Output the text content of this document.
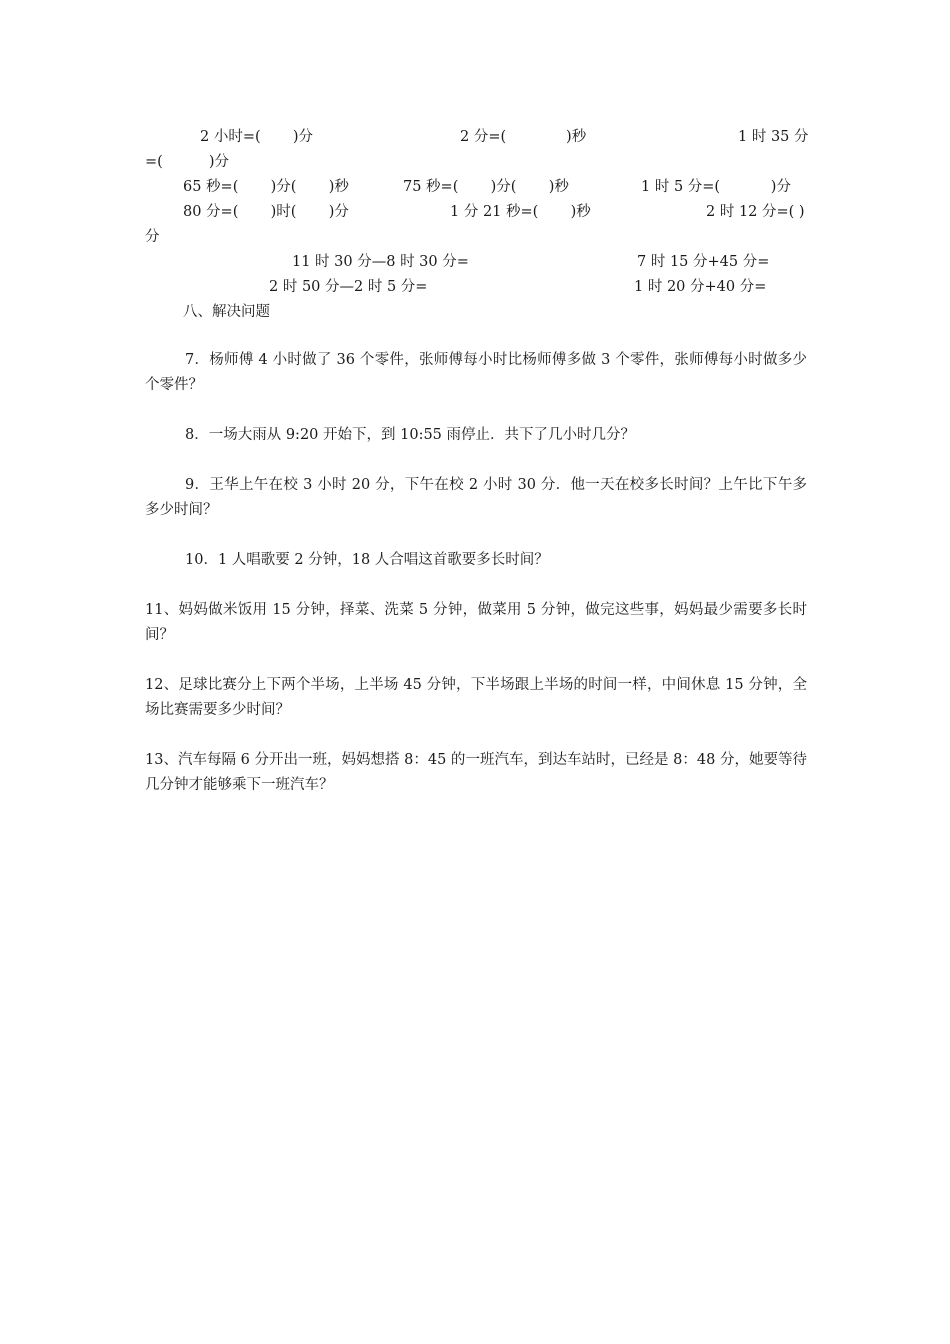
2 小时=(       )分	2 分=(             )秒	1 时 35 分
=(          )分
65 秒=(       )分(       )秒	75 秒=(       )分(       )秒	1 时 5 分=(           )分
80 分=(       )时(       )分	1 分 21 秒=(       )秒	2 时 12 分=( )
分
11 时 30 分—8 时 30 分=	7 时 15 分+45 分=
2 时 50 分—2 时 5 分=	1 时 20 分+40 分=
八、解决问题
7．杨师傅 4 小时做了 36 个零件，张师傅每小时比杨师傅多做 3 个零件，张师傅每小时做多少个零件？
8．一场大雨从 9:20 开始下，到 10:55 雨停止．共下了几小时几分？
9．王华上午在校 3 小时 20 分，下午在校 2 小时 30 分．他一天在校多长时间？上午比下午多多少时间？
10．1 人唱歌要 2 分钟，18 人合唱这首歌要多长时间？
11、妈妈做米饭用 15 分钟，择菜、洗菜 5 分钟，做菜用 5 分钟，做完这些事，妈妈最少需要多长时间？
12、足球比赛分上下两个半场，上半场 45 分钟，下半场跟上半场的时间一样，中间休息 15 分钟，全场比赛需要多少时间？
13、汽车每隔 6 分开出一班，妈妈想搭 8：45 的一班汽车，到达车站时，已经是 8：48 分，她要等待几分钟才能够乘下一班汽车？
